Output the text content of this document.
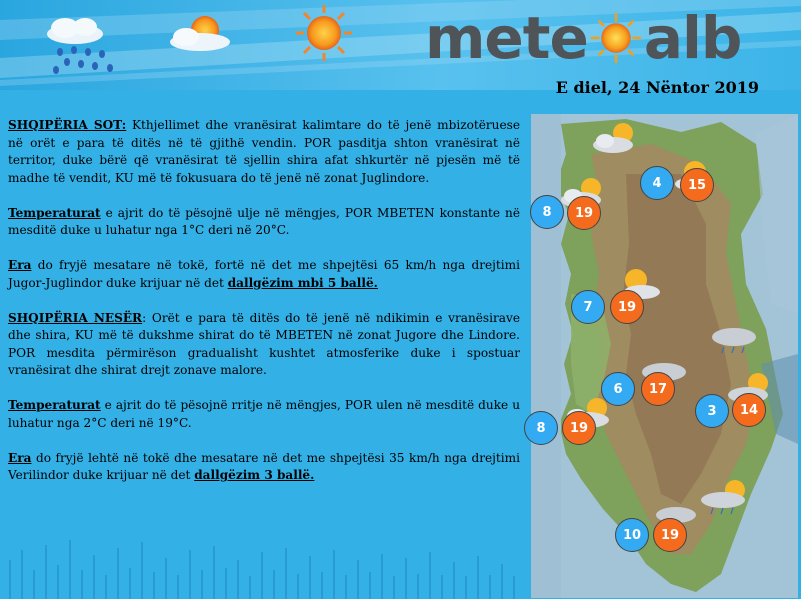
mete alb
E diel, 24 Nëntor 2019

SHQIPËRIA SOT: Kthjellimet dhe vranësirat kalimtare do të jenë mbizotëruese në orët e para të ditës në të gjithë vendin. POR pasditja shton vranësirat në territor, duke bërë që vranësirat të sjellin shira afat shkurtër në pjesën më të madhe të vendit, KU më të fokusuara do të jenë në zonat Juglindore.

Temperaturat e ajrit do të pësojnë ulje në mëngjes, POR MBETEN konstante në mesditë duke u luhatur nga 1°C deri në 20°C.

Era do fryjë mesatare në tokë, fortë në det me shpejtësi 65 km/h nga drejtimi Jugor-Juglindor duke krijuar në det dallgëzim mbi 5 ballë.

SHQIPËRIA NESËR: Orët e para të ditës do të jenë në ndikimin e vranësirave dhe shira, KU më të dukshme shirat do të MBETEN në zonat Jugore dhe Lindore. POR mesdita përmirëson gradualisht kushtet atmosferike duke i spostuar vranësirat dhe shirat drejt zonave malore.

Temperaturat e ajrit do të pësojnë rritje në mëngjes, POR ulen në mesditë duke u luhatur nga 2°C deri në 19°C.

Era do fryjë lehtë në tokë dhe mesatare në det me shpejtësi 35 km/h nga drejtimi Verilindor duke krijuar në det dallgëzim 3 ballë.

4	15
8	19
7	19
6	17
3	14
8	19
10	19
